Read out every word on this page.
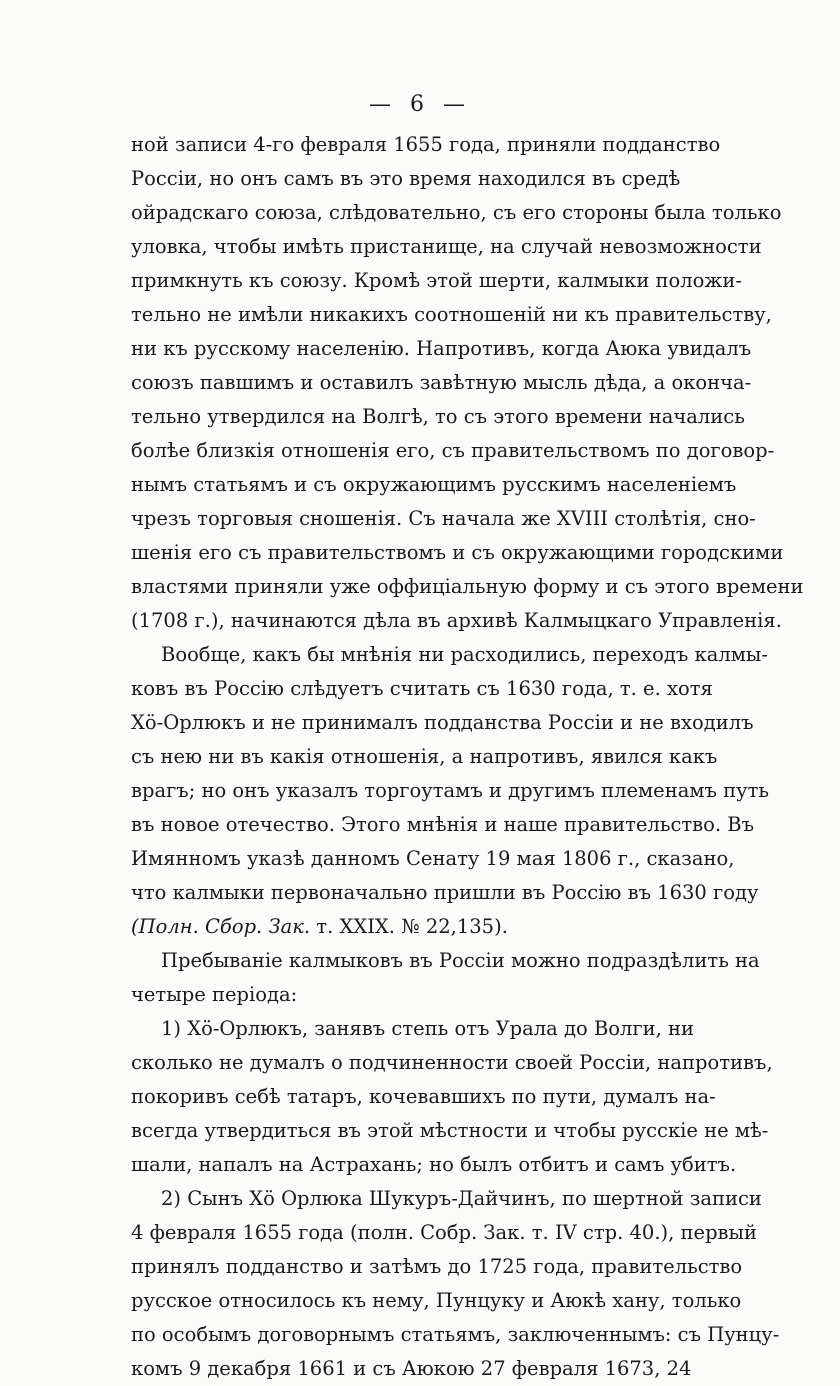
— 6 —
ной записи 4-го февраля 1655 года, приняли подданство
Россіи, но онъ самъ въ это время находился въ средѣ
ойрадскаго союза, слѣдовательно, съ его стороны была только
уловка, чтобы имѣть пристанище, на случай невозможности
примкнуть къ союзу. Кромѣ этой шерти, калмыки положи-
тельно не имѣли никакихъ соотношеній ни къ правительству,
ни къ русскому населенію. Напротивъ, когда Аюка увидалъ
союзъ павшимъ и оставилъ завѣтную мысль дѣда, а оконча-
тельно утвердился на Волгѣ, то съ этого времени начались
болѣе близкія отношенія его, съ правительствомъ по договор-
нымъ статьямъ и съ окружающимъ русскимъ населеніемъ
чрезъ торговыя сношенія. Съ начала же XVIII столѣтія, сно-
шенія его съ правительствомъ и съ окружающими городскими
властями приняли уже оффиціальную форму и съ этого времени
(1708 г.), начинаются дѣла въ архивѣ Калмыцкаго Управленія.
Вообще, какъ бы мнѣнія ни расходились, переходъ калмы-
ковъ въ Россію слѣдуетъ считать съ 1630 года, т. е. хотя
Хö-Орлюкъ и не принималъ подданства Россіи и не входилъ
съ нею ни въ какія отношенія, а напротивъ, явился какъ
врагъ; но онъ указалъ торгоутамъ и другимъ племенамъ путь
въ новое отечество. Этого мнѣнія и наше правительство. Въ
Имянномъ указѣ данномъ Сенату 19 мая 1806 г., сказано,
что калмыки первоначально пришли въ Россію въ 1630 году
(Полн. Сбор. Зак. т. XXIX. № 22,135).
Пребываніе калмыковъ въ Россіи можно подраздѣлить на
четыре періода:
1) Хö-Орлюкъ, занявъ степь отъ Урала до Волги, ни
сколько не думалъ о подчиненности своей Россіи, напротивъ,
покоривъ себѣ татаръ, кочевавшихъ по пути, думалъ на-
всегда утвердиться въ этой мѣстности и чтобы русскіе не мѣ-
шали, напалъ на Астрахань; но былъ отбитъ и самъ убитъ.
2) Сынъ Хö Орлюка Шукуръ-Дайчинъ, по шертной записи
4 февраля 1655 года (полн. Собр. Зак. т. IV стр. 40.), первый
принялъ подданство и затѣмъ до 1725 года, правительство
русское относилось къ нему, Пунцуку и Аюкѣ хану, только
по особымъ договорнымъ статьямъ, заключеннымъ: съ Пунцу-
комъ 9 декабря 1661 и съ Аюкою 27 февраля 1673, 24
